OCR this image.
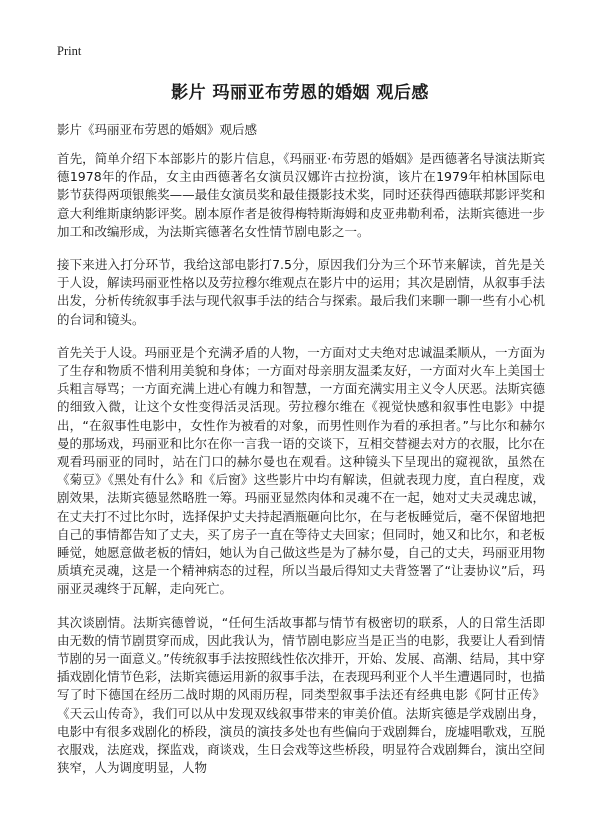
Print
影片 玛丽亚布劳恩的婚姻 观后感

影片《玛丽亚布劳恩的婚姻》观后感

首先，简单介绍下本部影片的影片信息，《玛丽亚·布劳恩的婚姻》是西德著名导演法斯宾德1978年的作品，女主由西德著名女演员汉娜许古拉扮演，该片在1979年柏林国际电影节获得两项银熊奖——最佳女演员奖和最佳摄影技术奖，同时还获得西德联邦影评奖和意大利维斯康纳影评奖。剧本原作者是彼得梅特斯海姆和皮亚弗勒利希，法斯宾德进一步加工和改编形成，为法斯宾德著名女性情节剧电影之一。

接下来进入打分环节，我给这部电影打7.5分，原因我们分为三个环节来解读，首先是关于人设，解读玛丽亚性格以及劳拉穆尔维观点在影片中的运用；其次是剧情，从叙事手法出发，分析传统叙事手法与现代叙事手法的结合与探索。最后我们来聊一聊一些有小心机的台词和镜头。

首先关于人设。玛丽亚是个充满矛盾的人物，一方面对丈夫绝对忠诚温柔顺从，一方面为了生存和物质不惜利用美貌和身体；一方面对母亲朋友温柔友好，一方面对火车上美国士兵粗言辱骂；一方面充满上进心有魄力和智慧，一方面充满实用主义令人厌恶。法斯宾德的细致入微，让这个女性变得活灵活现。劳拉穆尔维在《视觉快感和叙事性电影》中提出，“在叙事性电影中，女性作为被看的对象，而男性则作为看的承担者。”与比尔和赫尔曼的那场戏，玛丽亚和比尔在你一言我一语的交谈下，互相交替褪去对方的衣服，比尔在观看玛丽亚的同时，站在门口的赫尔曼也在观看。这种镜头下呈现出的窥视欲，虽然在《菊豆》《黑处有什么》和《后窗》这些影片中均有解读，但就表现力度，直白程度，戏剧效果，法斯宾德显然略胜一筹。玛丽亚显然肉体和灵魂不在一起，她对丈夫灵魂忠诚，在丈夫打不过比尔时，选择保护丈夫持起酒瓶砸向比尔，在与老板睡觉后，毫不保留地把自己的事情都告知了丈夫，买了房子一直在等待丈夫回家；但同时，她又和比尔，和老板睡觉，她愿意做老板的情妇，她认为自己做这些是为了赫尔曼，自己的丈夫，玛丽亚用物质填充灵魂，这是一个精神病态的过程，所以当最后得知丈夫背签署了“让妻协议”后，玛丽亚灵魂终于瓦解，走向死亡。

其次谈剧情。法斯宾德曾说，“任何生活故事都与情节有极密切的联系，人的日常生活即由无数的情节剧贯穿而成，因此我认为，情节剧电影应当是正当的电影，我要让人看到情节剧的另一面意义。”传统叙事手法按照线性依次排开，开始、发展、高潮、结局，其中穿插戏剧化情节色彩，法斯宾德运用新的叙事手法，在表现玛利亚个人半生遭遇同时，也描写了时下德国在经历二战时期的风雨历程，同类型叙事手法还有经典电影《阿甘正传》《天云山传奇》，我们可以从中发现双线叙事带来的审美价值。法斯宾德是学戏剧出身，电影中有很多戏剧化的桥段，演员的演技多处也有些偏向于戏剧舞台，庞墟唱歌戏，互脱衣服戏，法庭戏，探监戏，商谈戏，生日会戏等这些桥段，明显符合戏剧舞台，演出空间狭窄，人为调度明显，人物
